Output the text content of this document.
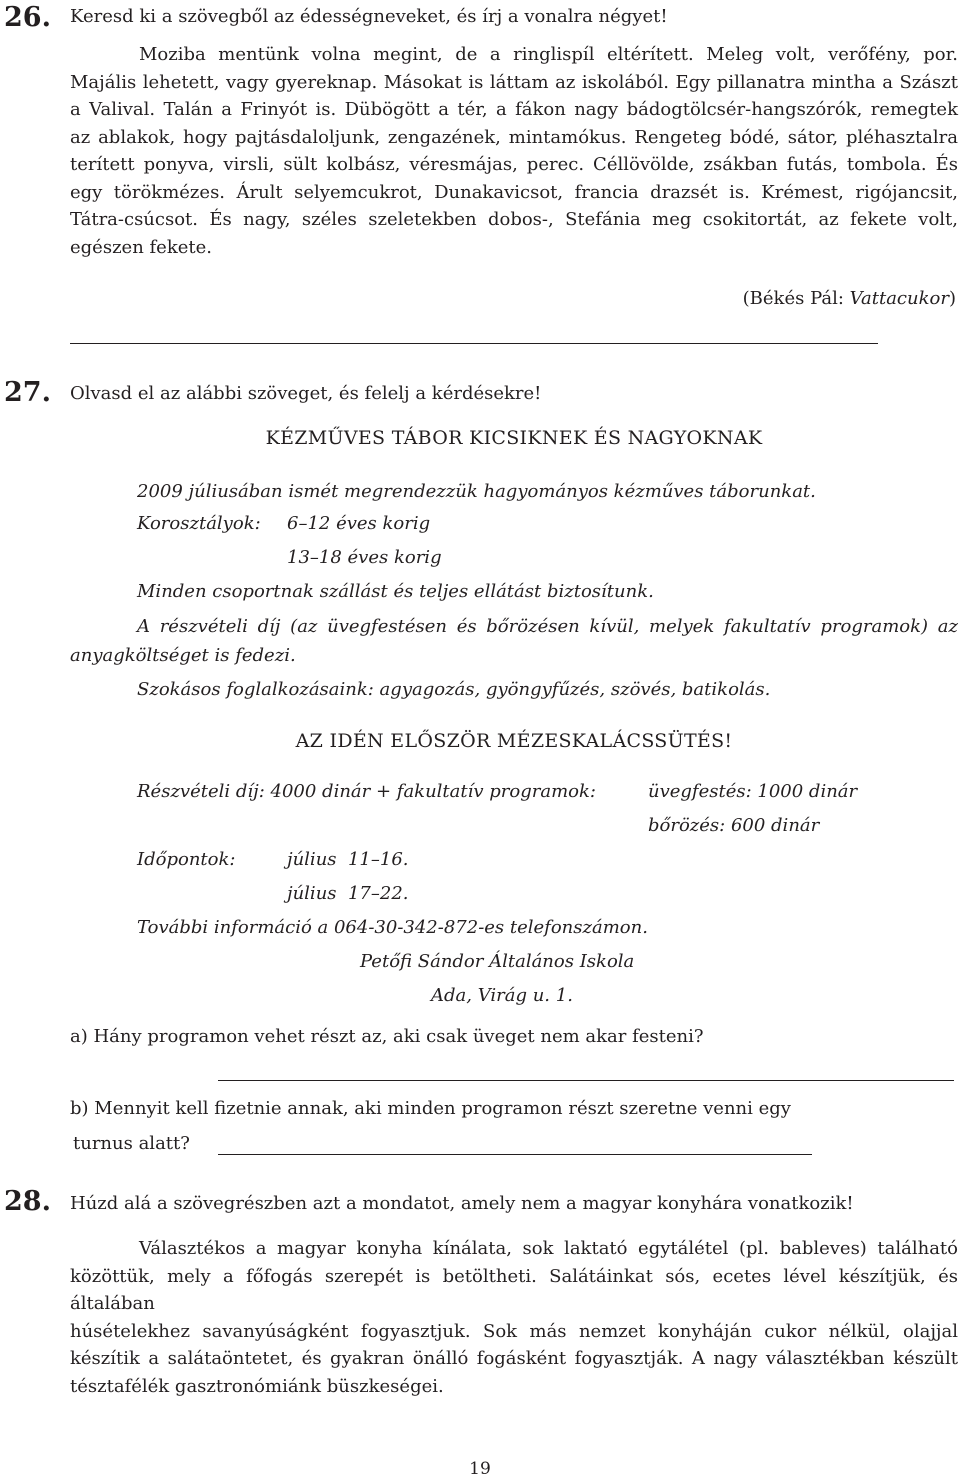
26. Keresd ki a szövegből az édességneveket, és írj a vonalra négyet!
Moziba mentünk volna megint, de a ringlispíl eltérített. Meleg volt, verőfény, por.
Majális lehetett, vagy gyereknap. Másokat is láttam az iskolából. Egy pillanatra mintha a Szászt
a Valival. Talán a Frinyót is. Dübögött a tér, a fákon nagy bádogtölcsér-hangszórók, remegtek
az ablakok, hogy pajtásdaloljunk, zengazének, mintamókus. Rengeteg bódé, sátor, pléhasztalra
terített ponyva, virsli, sült kolbász, véresmájas, perec. Céllövölde, zsákban futás, tombola. És
egy törökmézes. Árult selyemcukrot, Dunakavicsot, francia drazsét is. Krémest, rigójancsit,
Tátra-csúcsot. És nagy, széles szeletekben dobos-, Stefánia meg csokitortát, az fekete volt,
egészen fekete.
(Békés Pál: Vattacukor)
27. Olvasd el az alábbi szöveget, és felelj a kérdésekre!
KÉZMŰVES TÁBOR KICSIKNEK ÉS NAGYOKNAK
2009 júliusában ismét megrendezzük hagyományos kézműves táborunkat.
Korosztályok: 6–12 éves korig
13–18 éves korig
Minden csoportnak szállást és teljes ellátást biztosítunk.
A részvételi díj (az üvegfestésen és bőrözésen kívül, melyek fakultatív programok) az
anyagköltséget is fedezi.
Szokásos foglalkozásaink: agyagozás, gyöngyfűzés, szövés, batikolás.
AZ IDÉN ELŐSZÖR MÉZESKALÁCSSÜTÉS!
Részvételi díj: 4000 dinár + fakultatív programok:	üvegfestés: 1000 dinár
bőrözés: 600 dinár
Időpontok:	július  11–16.
július  17–22.
További információ a 064-30-342-872-es telefonszámon.
Petőfi Sándor Általános Iskola
Ada, Virág u. 1.
a) Hány programon vehet részt az, aki csak üveget nem akar festeni?
b) Mennyit kell fizetnie annak, aki minden programon részt szeretne venni egy
turnus alatt?
28. Húzd alá a szövegrészben azt a mondatot, amely nem a magyar konyhára vonatkozik!
Választékos a magyar konyha kínálata, sok laktató egytálétel (pl. bableves) található
közöttük, mely a főfogás szerepét is betöltheti. Salátáinkat sós, ecetes lével készítjük, és általában
húsételekhez savanyúságként fogyasztjuk. Sok más nemzet konyháján cukor nélkül, olajjal
készítik a salátaöntetet, és gyakran önálló fogásként fogyasztják. A nagy választékban készült
tésztafélék gasztronómiánk büszkeségei.
19
